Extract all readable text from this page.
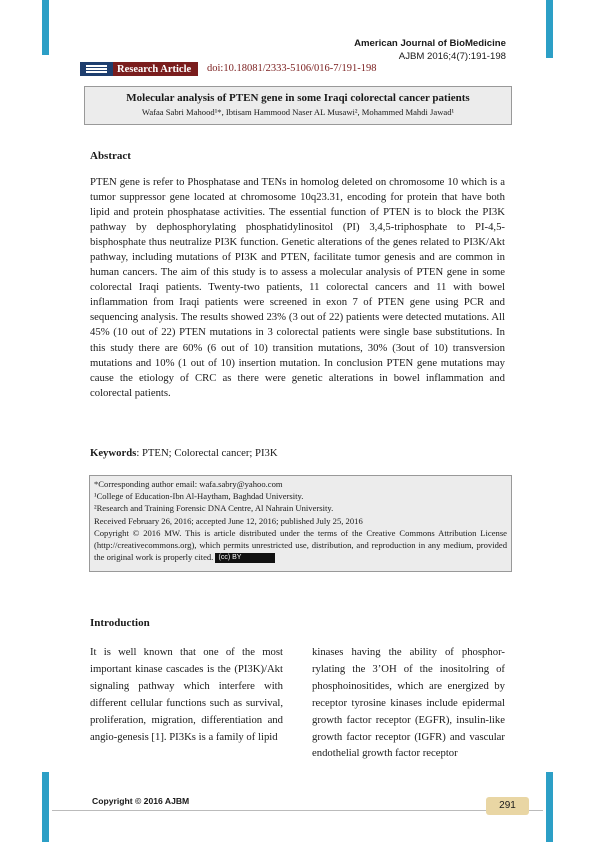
American Journal of BioMedicine
AJBM 2016;4(7):191-198
Research Article doi:10.18081/2333-5106/016-7/191-198
Molecular analysis of PTEN gene in some Iraqi colorectal cancer patients
Wafaa Sabri Mahood¹*, Ibtisam Hammood Naser AL Musawi², Mohammed Mahdi Jawad¹
Abstract
PTEN gene is refer to Phosphatase and TENs in homolog deleted on chromosome 10 which is a tumor suppressor gene located at chromosome 10q23.31, encoding for protein that have both lipid and protein phosphatase activities. The essential function of PTEN is to block the PI3K pathway by dephosphorylating phosphatidylinositol (PI) 3,4,5-triphosphate to PI-4,5-bisphosphate thus neutralize PI3K function. Genetic alterations of the genes related to PI3K/Akt pathway, including mutations of PI3K and PTEN, facilitate tumor genesis and are common in human cancers. The aim of this study is to assess a molecular analysis of PTEN gene in some colorectal Iraqi patients. Twenty-two patients, 11 colorectal cancers and 11 with bowel inflammation from Iraqi patients were screened in exon 7 of PTEN gene using PCR and sequencing analysis. The results showed 23% (3 out of 22) patients were detected mutations. All 45% (10 out of 22) PTEN mutations in 3 colorectal patients were single base substitutions. In this study there are 60% (6 out of 10) transition mutations, 30% (3out of 10) transversion mutations and 10% (1 out of 10) insertion mutation. In conclusion PTEN gene mutations may cause the etiology of CRC as there were genetic alterations in bowel inflammation and colorectal patients.
Keywords: PTEN; Colorectal cancer; PI3K
*Corresponding author email: wafa.sabry@yahoo.com
¹College of Education-Ibn Al-Haytham, Baghdad University.
²Research and Training Forensic DNA Centre, Al Nahrain University.
Received February 26, 2016; accepted June 12, 2016; published July 25, 2016
Copyright © 2016 MW. This is article distributed under the terms of the Creative Commons Attribution License (http://creativecommons.org), which permits unrestricted use, distribution, and reproduction in any medium, provided the original work is properly cited. (cc) BY
Introduction
It is well known that one of the most important kinase cascades is the (PI3K)/Akt signaling pathway which interfere with different cellular functions such as survival, proliferation, migration, differentiation and angio-genesis [1]. PI3Ks is a family of lipid
kinases having the ability of phosphor-rylating the 3’OH of the inositolring of phosphoinositides, which are energized by receptor tyrosine kinases include epidermal growth factor receptor (EGFR), insulin-like growth factor receptor (IGFR) and vascular endothelial growth factor receptor
Copyright © 2016 AJBM	291
